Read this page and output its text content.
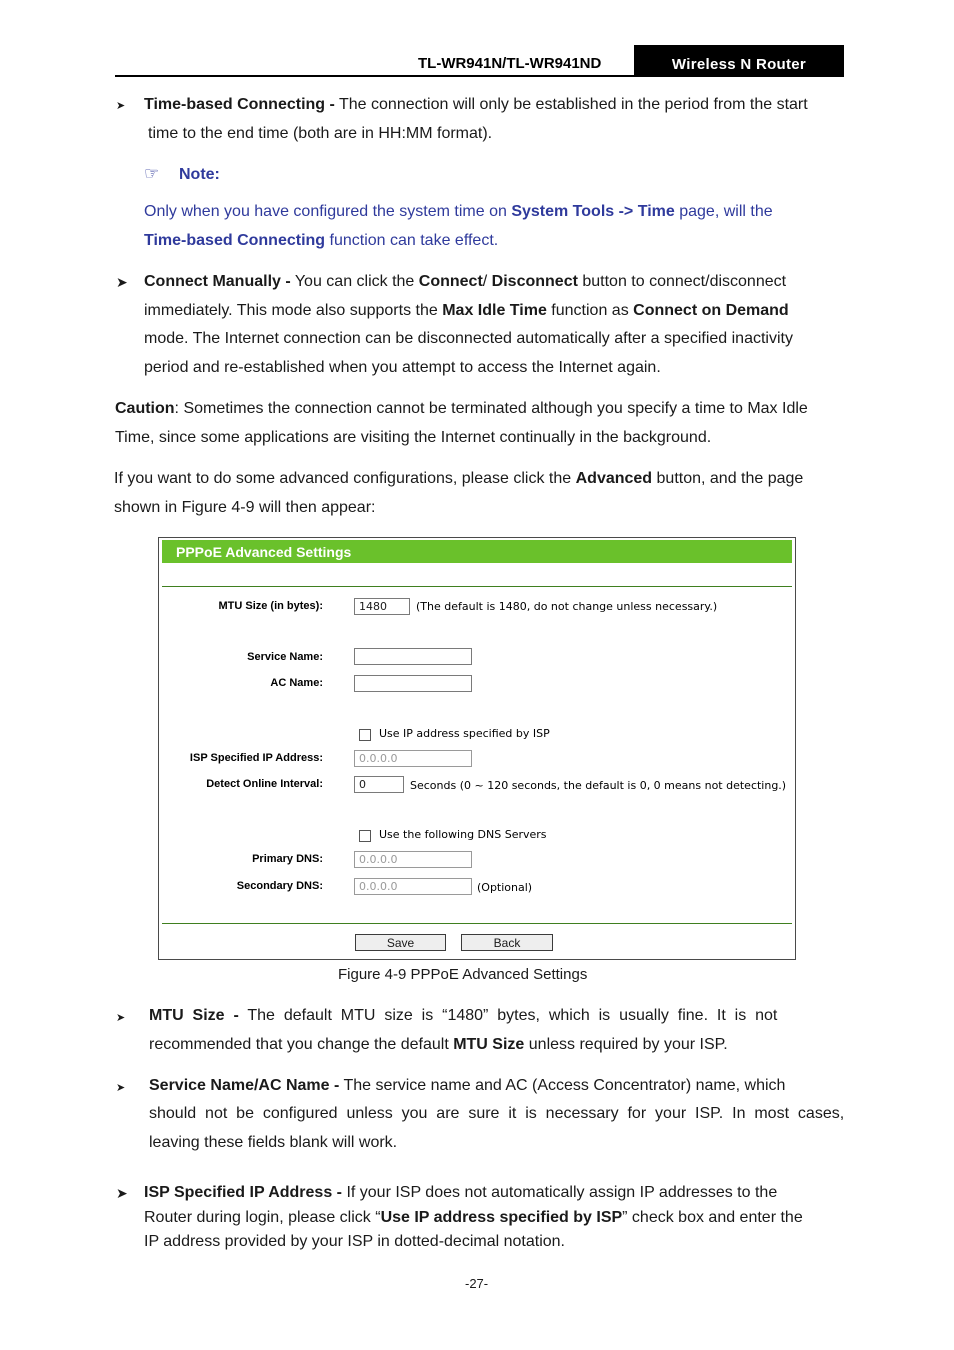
TL-WR941N/TL-WR941ND	Wireless N Router
➤ Time-based Connecting - The connection will only be established in the period from the start
time to the end time (both are in HH:MM format).
☞ Note:
Only when you have configured the system time on System Tools -> Time page, will the
Time-based Connecting function can take effect.
➤ Connect Manually - You can click the Connect/ Disconnect button to connect/disconnect
immediately. This mode also supports the Max Idle Time function as Connect on Demand
mode. The Internet connection can be disconnected automatically after a specified inactivity
period and re-established when you attempt to access the Internet again.
Caution: Sometimes the connection cannot be terminated although you specify a time to Max Idle
Time, since some applications are visiting the Internet continually in the background.
If you want to do some advanced configurations, please click the Advanced button, and the page
shown in Figure 4-9 will then appear:
PPPoE Advanced Settings
MTU Size (in bytes):	1480	(The default is 1480, do not change unless necessary.)
Service Name:
AC Name:
Use IP address specified by ISP
ISP Specified IP Address:	0.0.0.0
Detect Online Interval:	0	Seconds (0 ~ 120 seconds, the default is 0, 0 means not detecting.)
Use the following DNS Servers
Primary DNS:	0.0.0.0
Secondary DNS:	0.0.0.0	(Optional)
Save	Back
Figure 4-9 PPPoE Advanced Settings
➤ MTU  Size  -  The  default  MTU  size  is  “1480”  bytes,  which  is  usually  fine.  It  is  not
recommended that you change the default MTU Size unless required by your ISP.
➤ Service Name/AC Name - The service name and AC (Access Concentrator) name, which
should  not  be  configured  unless  you  are  sure  it  is  necessary  for  your  ISP.  In  most  cases,
leaving these fields blank will work.
➤ ISP Specified IP Address - If your ISP does not automatically assign IP addresses to the
Router during login, please click “Use IP address specified by ISP” check box and enter the
IP address provided by your ISP in dotted-decimal notation.
-27-
